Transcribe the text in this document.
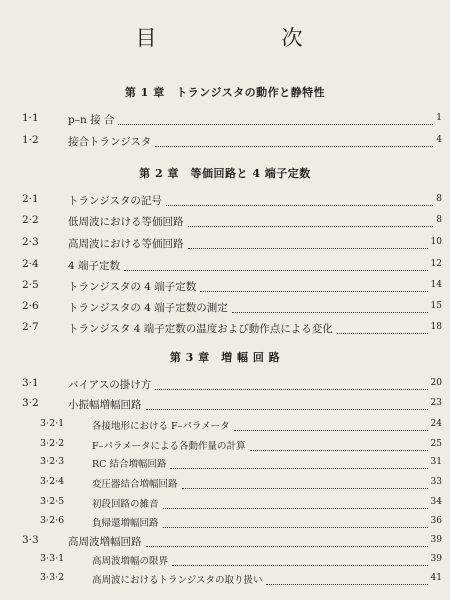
目　次
第 1 章　トランジスタの動作と静特性
1·1	p–n 接 合	1
1·2	接合トランジスタ	4
第 2 章　等価回路と 4 端子定数
2·1	トランジスタの記号	8
2·2	低周波における等価回路	8
2·3	高周波における等価回路	10
2·4	4 端子定数	12
2·5	トランジスタの 4 端子定数	14
2·6	トランジスタの 4 端子定数の測定	15
2·7	トランジスタ 4 端子定数の温度および動作点による変化	18
第 3 章　増 幅 回 路
3·1	バイアスの掛け方	20
3·2	小振幅増幅回路	23
3·2·1	各接地形における F–パラメータ	24
3·2·2	F–パラメータによる各動作量の計算	25
3·2·3	RC 結合増幅回路	31
3·2·4	変圧器結合増幅回路	33
3·2·5	初段回路の雑音	34
3·2·6	負帰還増幅回路	36
3·3	高周波増幅回路	39
3·3·1	高周波増幅の限界	39
3·3·2	高周波におけるトランジスタの取り扱い	41
